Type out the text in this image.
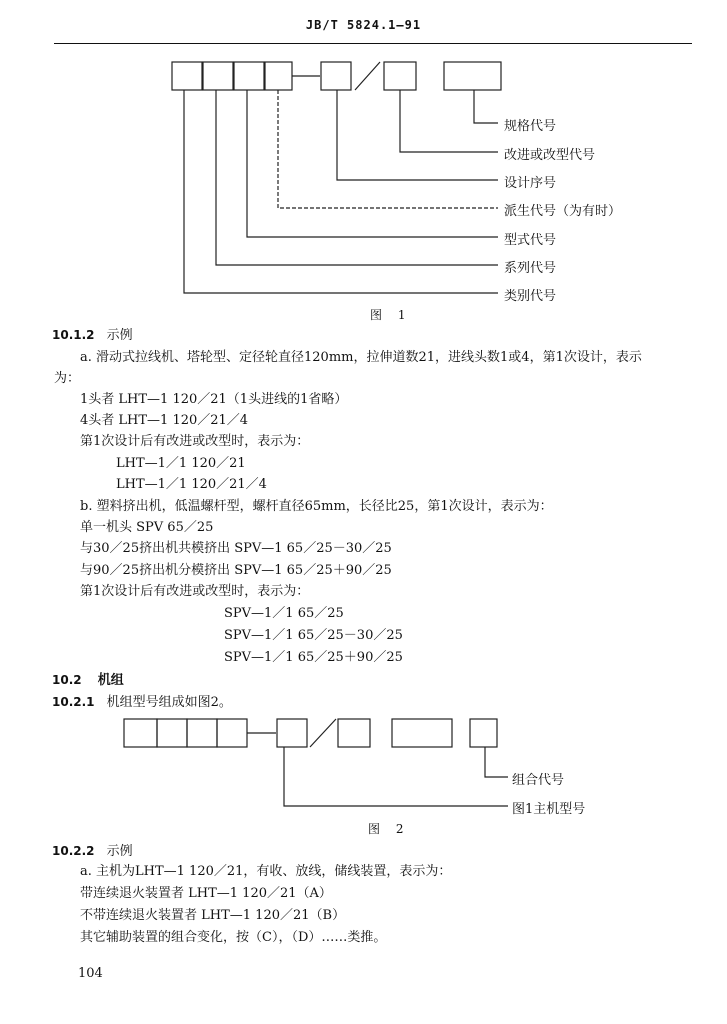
JB/T 5824.1—91
规格代号
改进或改型代号
设计序号
派生代号（为有时）
型式代号
系列代号
类别代号
图 1
10.1.2 示例
a. 滑动式拉线机、塔轮型、定径轮直径120mm，拉伸道数21，进线头数1或4，第1次设计，表示
为：
1头者 LHT—1 120／21（1头进线的1省略）
4头者 LHT—1 120／21／4
第1次设计后有改进或改型时，表示为：
LHT—1／1 120／21
LHT—1／1 120／21／4
b. 塑料挤出机，低温螺杆型，螺杆直径65mm，长径比25，第1次设计，表示为：
单一机头 SPV 65／25
与30／25挤出机共模挤出 SPV—1 65／25－30／25
与90／25挤出机分模挤出 SPV—1 65／25＋90／25
第1次设计后有改进或改型时，表示为：
SPV—1／1 65／25
SPV—1／1 65／25－30／25
SPV—1／1 65／25＋90／25
10.2 机组
10.2.1 机组型号组成如图2。
组合代号
图1主机型号
图 2
10.2.2 示例
a. 主机为LHT—1 120／21，有收、放线，储线装置，表示为：
带连续退火装置者 LHT—1 120／21（A）
不带连续退火装置者 LHT—1 120／21（B）
其它辅助装置的组合变化，按（C），（D）……类推。
104
